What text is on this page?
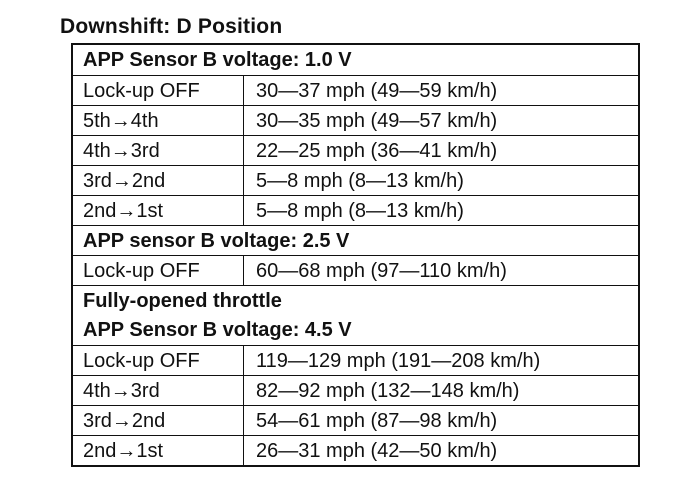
Downshift: D Position
APP Sensor B voltage: 1.0 V
Lock-up OFF	30—37 mph (49—59 km/h)
5th→4th	30—35 mph (49—57 km/h)
4th→3rd	22—25 mph (36—41 km/h)
3rd→2nd	5—8 mph (8—13 km/h)
2nd→1st	5—8 mph (8—13 km/h)
APP sensor B voltage: 2.5 V
Lock-up OFF	60—68 mph (97—110 km/h)
Fully-opened throttle
APP Sensor B voltage: 4.5 V
Lock-up OFF	119—129 mph (191—208 km/h)
4th→3rd	82—92 mph (132—148 km/h)
3rd→2nd	54—61 mph (87—98 km/h)
2nd→1st	26—31 mph (42—50 km/h)
